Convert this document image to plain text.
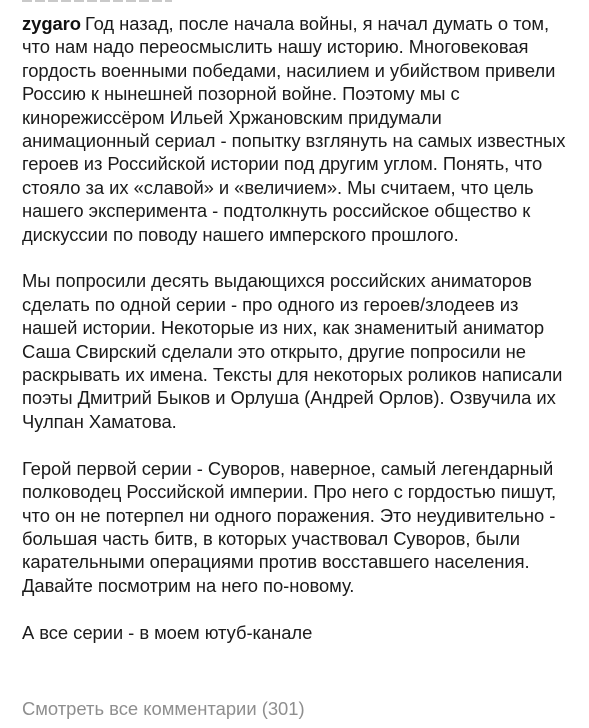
zygaro Год назад, после начала войны, я начал думать о том, что нам надо переосмыслить нашу историю. Многовековая гордость военными победами, насилием и убийством привели Россию к нынешней позорной войне. Поэтому мы с кинорежиссёром Ильей Хржановским придумали анимационный сериал - попытку взглянуть на самых известных героев из Российской истории под другим углом. Понять, что стояло за их «славой» и «величием». Мы считаем, что цель нашего эксперимента - подтолкнуть российское общество к дискуссии по поводу нашего имперского прошлого.

Мы попросили десять выдающихся российских аниматоров сделать по одной серии - про одного из героев/злодеев из нашей истории. Некоторые из них, как знаменитый аниматор Саша Свирский сделали это открыто, другие попросили не раскрывать их имена. Тексты для некоторых роликов написали поэты Дмитрий Быков и Орлуша (Андрей Орлов). Озвучила их Чулпан Хаматова.

Герой первой серии - Суворов, наверное, самый легендарный полководец Российской империи. Про него с гордостью пишут, что он не потерпел ни одного поражения. Это неудивительно - большая часть битв, в которых участвовал Суворов, были карательными операциями против восставшего населения. Давайте посмотрим на него по-новому.

А все серии - в моем ютуб-канале

Смотреть все комментарии (301)
